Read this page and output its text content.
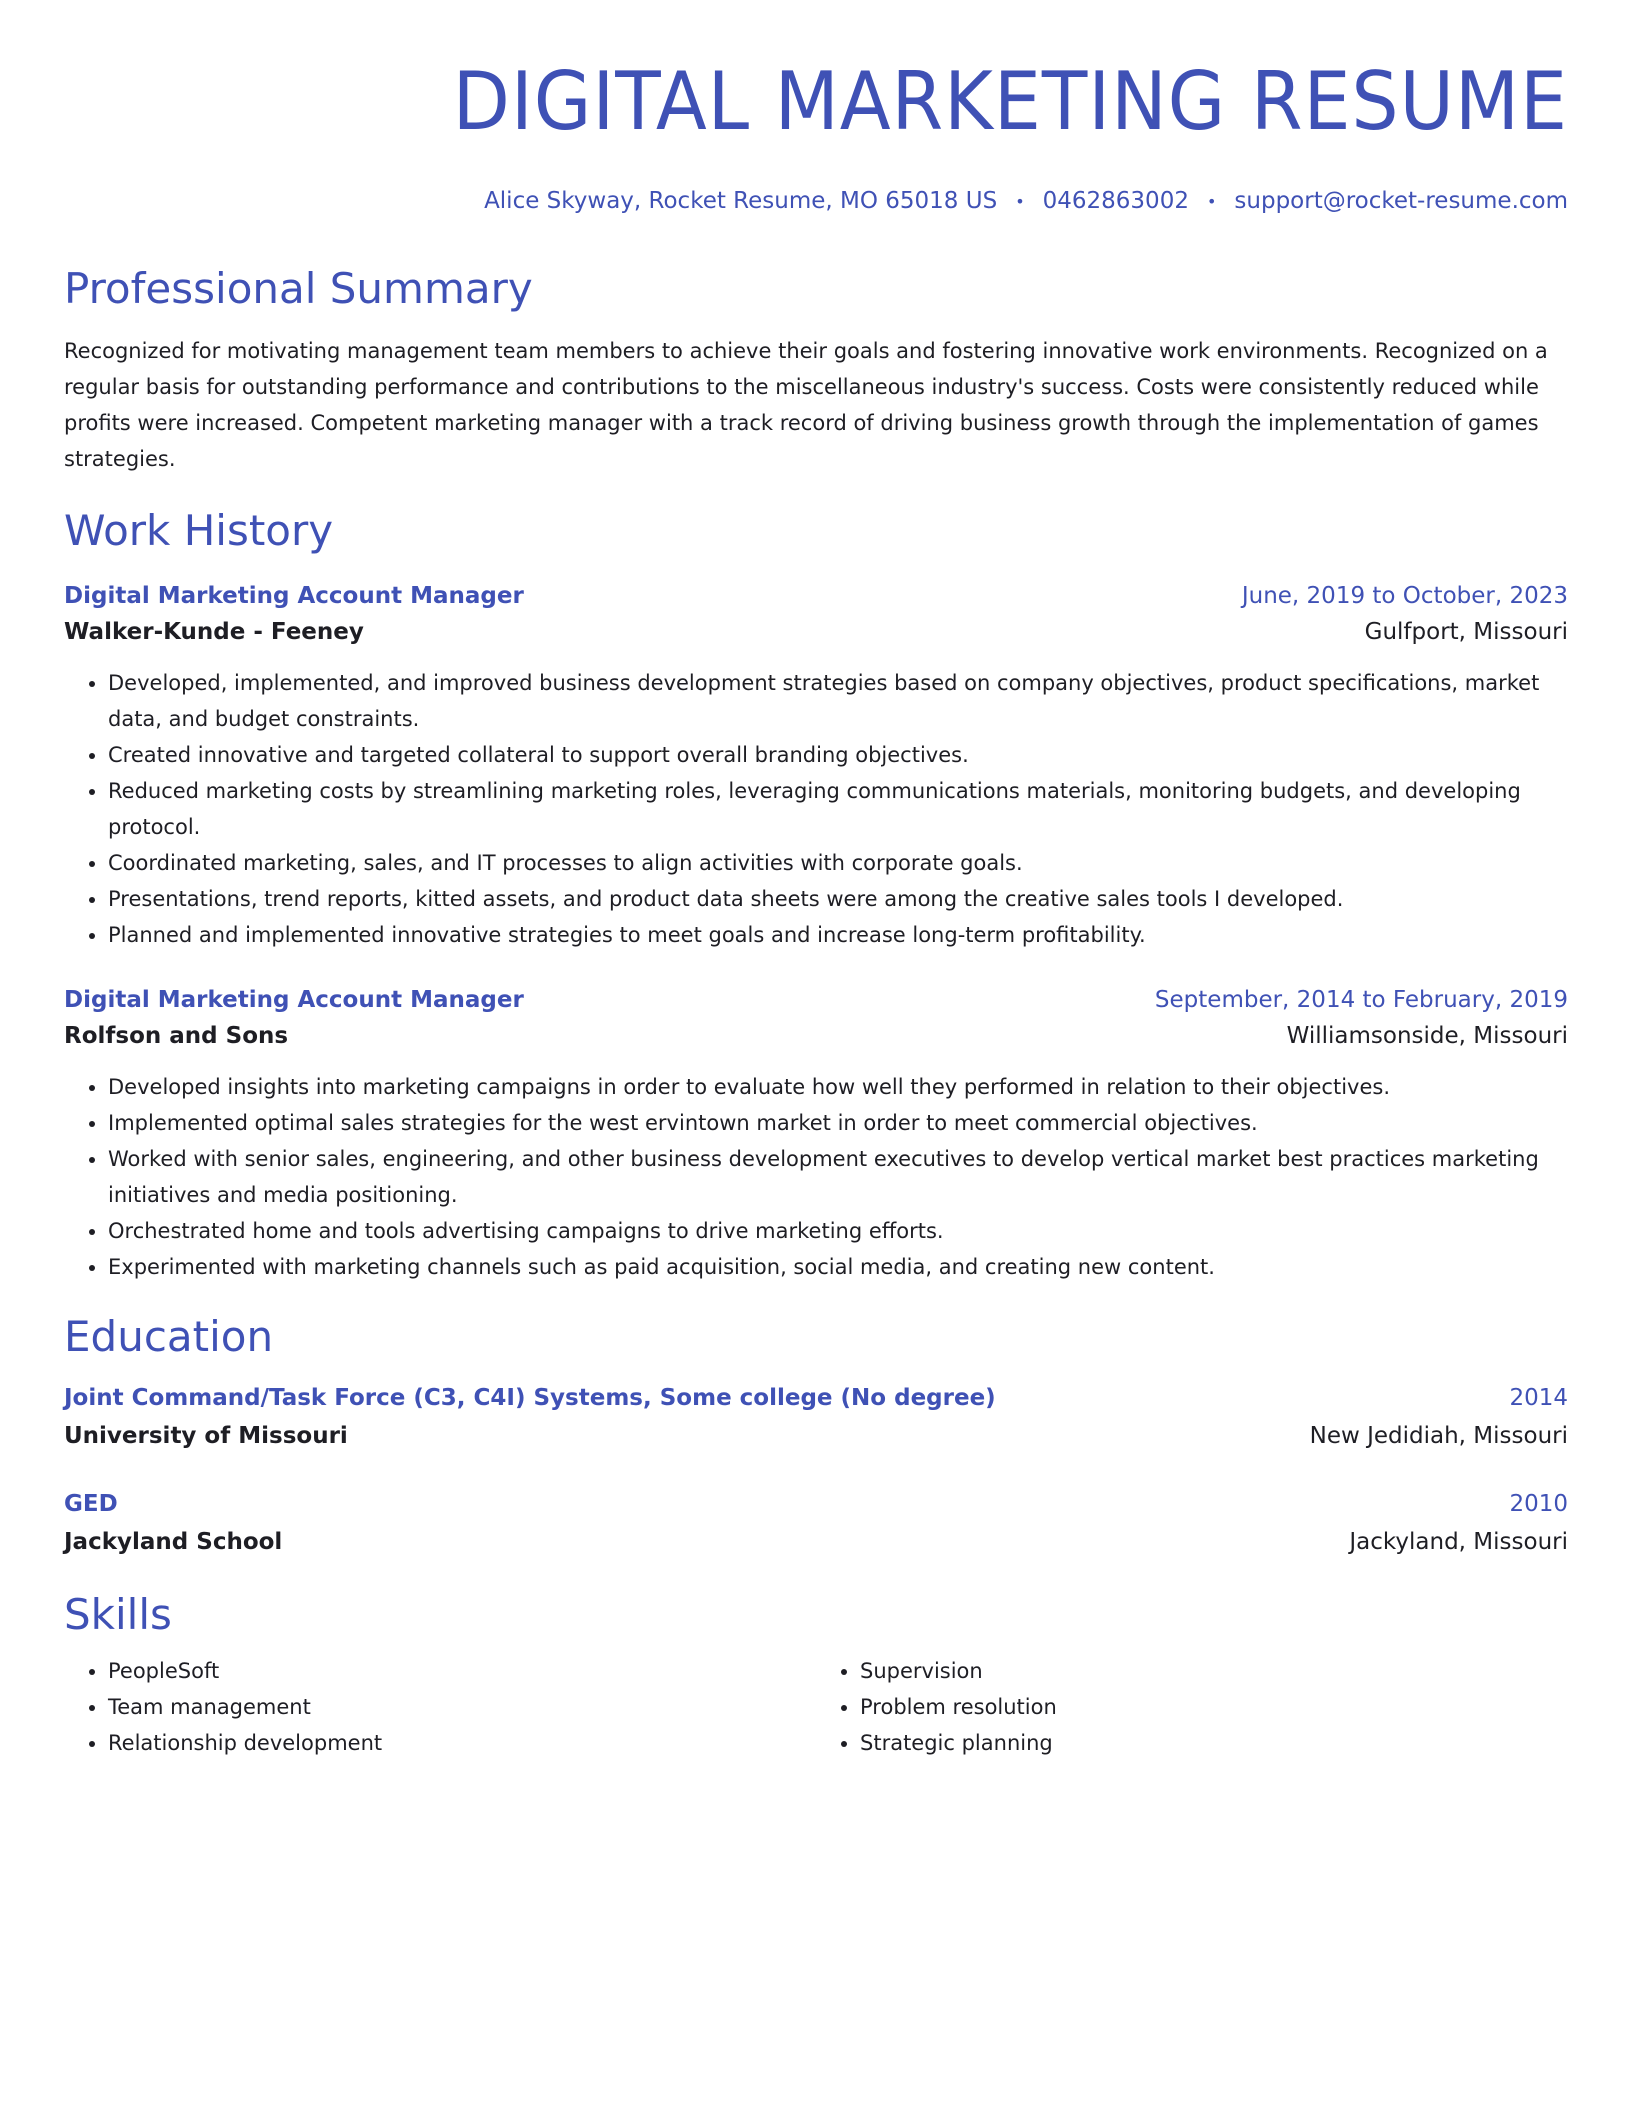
DIGITAL MARKETING RESUME
Alice Skyway, Rocket Resume, MO 65018 US • 0462863002 • support@rocket-resume.com
Professional Summary
Recognized for motivating management team members to achieve their goals and fostering innovative work environments. Recognized on a regular basis for outstanding performance and contributions to the miscellaneous industry's success. Costs were consistently reduced while profits were increased. Competent marketing manager with a track record of driving business growth through the implementation of games strategies.
Work History
Digital Marketing Account Manager	June, 2019 to October, 2023
Walker-Kunde - Feeney	Gulfport, Missouri
• Developed, implemented, and improved business development strategies based on company objectives, product specifications, market data, and budget constraints.
• Created innovative and targeted collateral to support overall branding objectives.
• Reduced marketing costs by streamlining marketing roles, leveraging communications materials, monitoring budgets, and developing protocol.
• Coordinated marketing, sales, and IT processes to align activities with corporate goals.
• Presentations, trend reports, kitted assets, and product data sheets were among the creative sales tools I developed.
• Planned and implemented innovative strategies to meet goals and increase long-term profitability.
Digital Marketing Account Manager	September, 2014 to February, 2019
Rolfson and Sons	Williamsonside, Missouri
• Developed insights into marketing campaigns in order to evaluate how well they performed in relation to their objectives.
• Implemented optimal sales strategies for the west ervintown market in order to meet commercial objectives.
• Worked with senior sales, engineering, and other business development executives to develop vertical market best practices marketing initiatives and media positioning.
• Orchestrated home and tools advertising campaigns to drive marketing efforts.
• Experimented with marketing channels such as paid acquisition, social media, and creating new content.
Education
Joint Command/Task Force (C3, C4I) Systems, Some college (No degree)	2014
University of Missouri	New Jedidiah, Missouri
GED	2010
Jackyland School	Jackyland, Missouri
Skills
• PeopleSoft
• Team management
• Relationship development
• Supervision
• Problem resolution
• Strategic planning
